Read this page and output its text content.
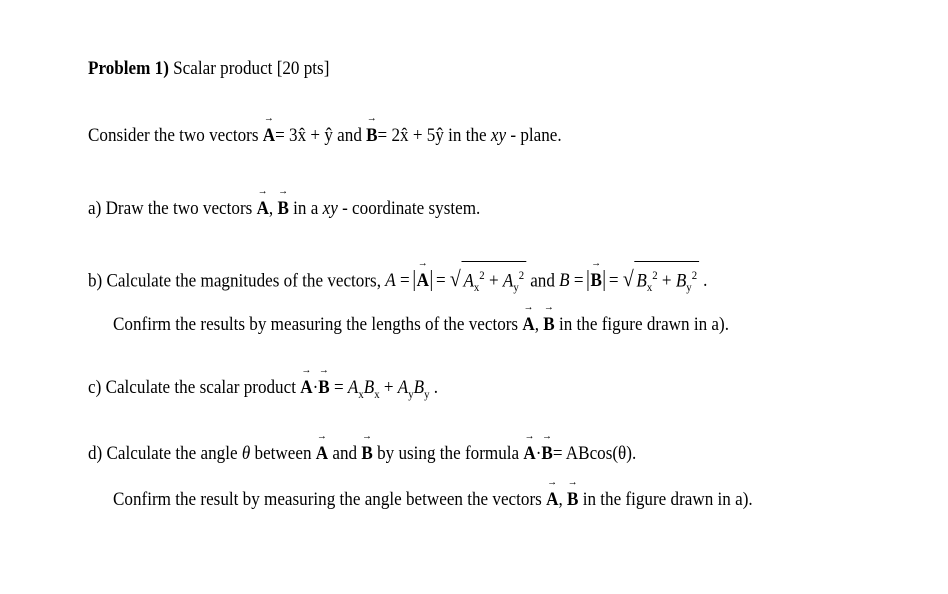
Problem 1) Scalar product [20 pts]
Consider the two vectors → A= 3x̂ + ŷ and → B= 2x̂ + 5ŷ in the xy - plane.
a) Draw the two vectors → A, → B in a xy - coordinate system.
b) Calculate the magnitudes of the vectors, A = → A = √ $A_x^2 + A_y^2$ and B = → B = √ $B_x^2 + B_y^2$ .
Confirm the results by measuring the lengths of the vectors → A, → B in the figure drawn in a).
c) Calculate the scalar product → $A\cdot\to B = A_xB_x + A_yB_y$ .
d) Calculate the angle θ between → A and → B by using the formula → A·→ B= ABcos(θ).
Confirm the result by measuring the angle between the vectors → A, → B in the figure drawn in a).
